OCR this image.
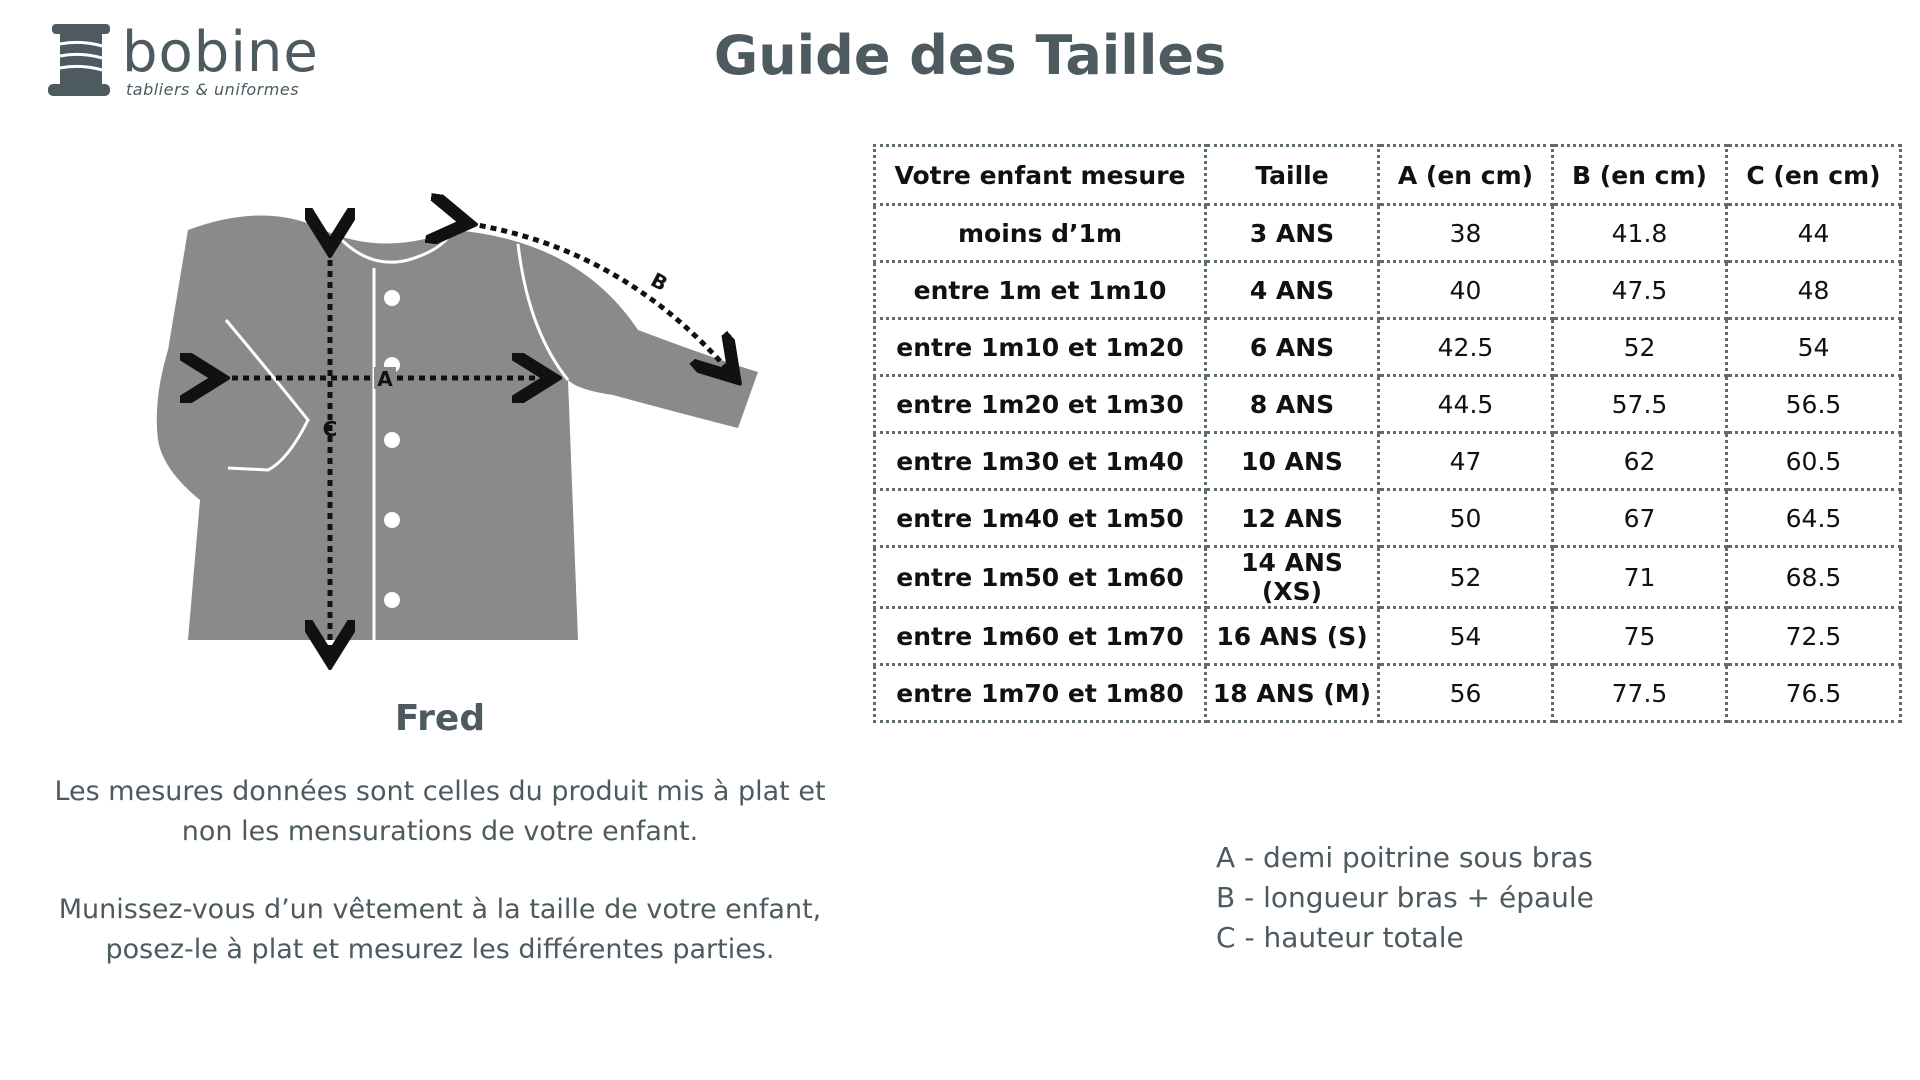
bobine
tabliers & uniformes
Guide des Tailles
A
C
B
Fred
Les mesures données sont celles du produit mis à plat et
non les mensurations de votre enfant.
Munissez-vous d’un vêtement à la taille de votre enfant,
posez-le à plat et mesurez les différentes parties.
Votre enfant mesure	Taille	A (en cm)	B (en cm)	C (en cm)
moins d’1m	3 ANS	38	41.8	44
entre 1m et 1m10	4 ANS	40	47.5	48
entre 1m10 et 1m20	6 ANS	42.5	52	54
entre 1m20 et 1m30	8 ANS	44.5	57.5	56.5
entre 1m30 et 1m40	10 ANS	47	62	60.5
entre 1m40 et 1m50	12 ANS	50	67	64.5
entre 1m50 et 1m60	14 ANS (XS)	52	71	68.5
entre 1m60 et 1m70	16 ANS (S)	54	75	72.5
entre 1m70 et 1m80	18 ANS (M)	56	77.5	76.5
A - demi poitrine sous bras
B - longueur bras + épaule
C - hauteur totale
